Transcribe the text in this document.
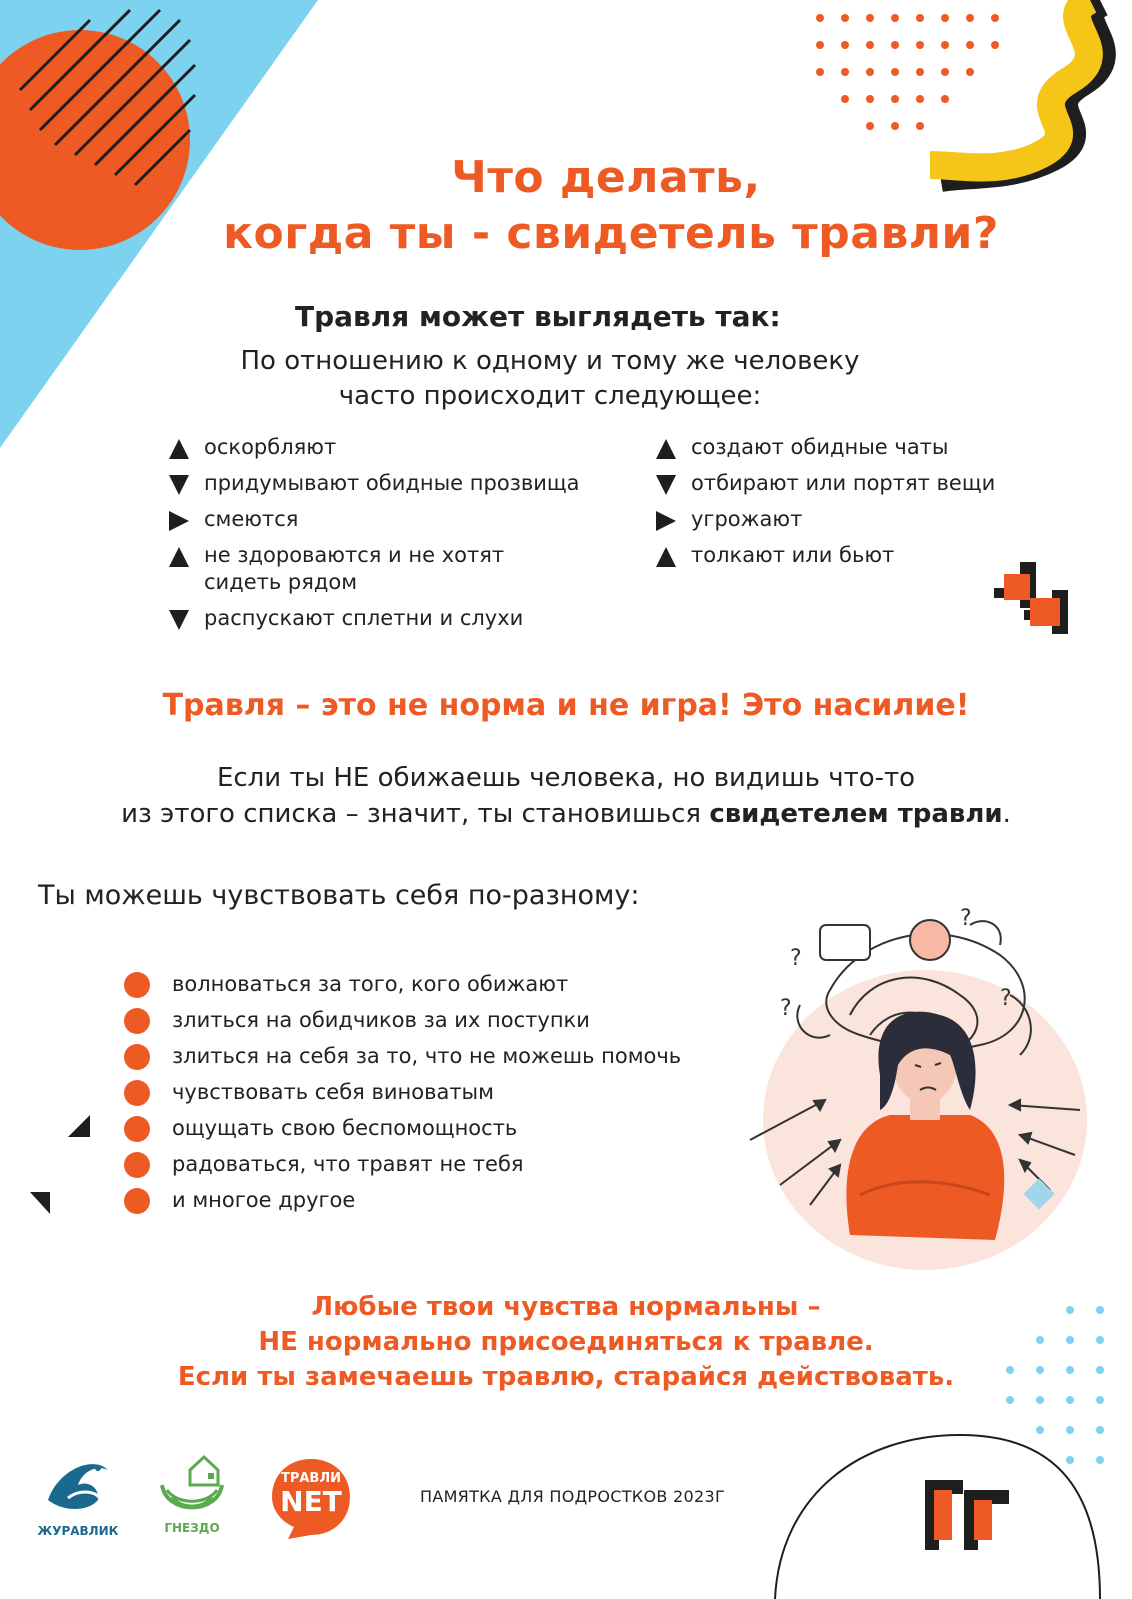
Что делать,
когда ты - свидетель травли?
Травля может выглядеть так:
По отношению к одному и тому же человеку
часто происходит следующее:
оскорбляют
придумывают обидные прозвища
смеются
не здороваются и не хотят
сидеть рядом
распускают сплетни и слухи
создают обидные чаты
отбирают или портят вещи
угрожают
толкают или бьют
Травля – это не норма и не игра! Это насилие!
Если ты НЕ обижаешь человека, но видишь что-то
из этого списка – значит, ты становишься свидетелем травли.
Ты можешь чувствовать себя по-разному:
волноваться за того, кого обижают
злиться на обидчиков за их поступки
злиться на себя за то, что не можешь помочь
чувствовать себя виноватым
ощущать свою беспомощность
радоваться, что травят не тебя
и многое другое
?
?
?
?
Любые твои чувства нормальны –
НЕ нормально присоединяться к травле.
Если ты замечаешь травлю, старайся действовать.
ЖУРАВЛИК	ГНЕЗДО
ТРАВЛИ
NET	ПАМЯТКА ДЛЯ ПОДРОСТКОВ 2023Г
